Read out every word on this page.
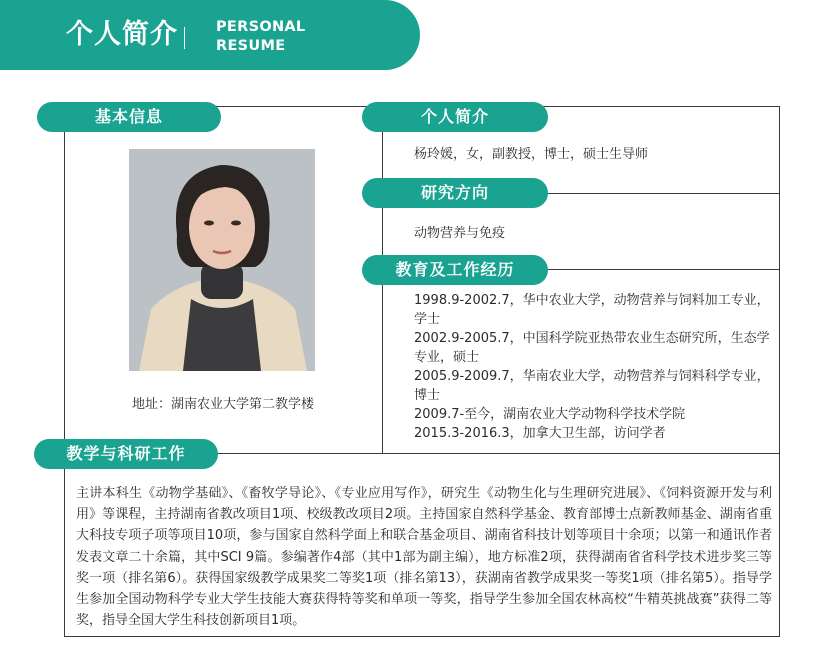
个人简介	PERSONAL
RESUME
基本信息	个人简介
研究方向
教育及工作经历
教学与科研工作
地址：湖南农业大学第二教学楼
杨玲媛，女，副教授，博士，硕士生导师
动物营养与免疫
1998.9-2002.7，华中农业大学，动物营养与饲料加工专业，学士
2002.9-2005.7，中国科学院亚热带农业生态研究所，生态学专业，硕士
2005.9-2009.7，华南农业大学，动物营养与饲料科学专业，博士
2009.7-至今，湖南农业大学动物科学技术学院
2015.3-2016.3，加拿大卫生部，访问学者
主讲本科生《动物学基础》、《畜牧学导论》、《专业应用写作》，研究生《动物生化与生理研究进展》、《饲料资源开发与利用》等课程，主持湖南省教改项目1项、校级教改项目2项。主持国家自然科学基金、教育部博士点新教师基金、湖南省重大科技专项子项等项目10项，参与国家自然科学面上和联合基金项目、湖南省科技计划等项目十余项；以第一和通讯作者发表文章二十余篇，其中SCI 9篇。参编著作4部（其中1部为副主编），地方标准2项，获得湖南省省科学技术进步奖三等奖一项（排名第6）。获得国家级教学成果奖二等奖1项（排名第13），获湖南省教学成果奖一等奖1项（排名第5）。指导学生参加全国动物科学专业大学生技能大赛获得特等奖和单项一等奖，指导学生参加全国农林高校“牛精英挑战赛”获得二等奖，指导全国大学生科技创新项目1项。
